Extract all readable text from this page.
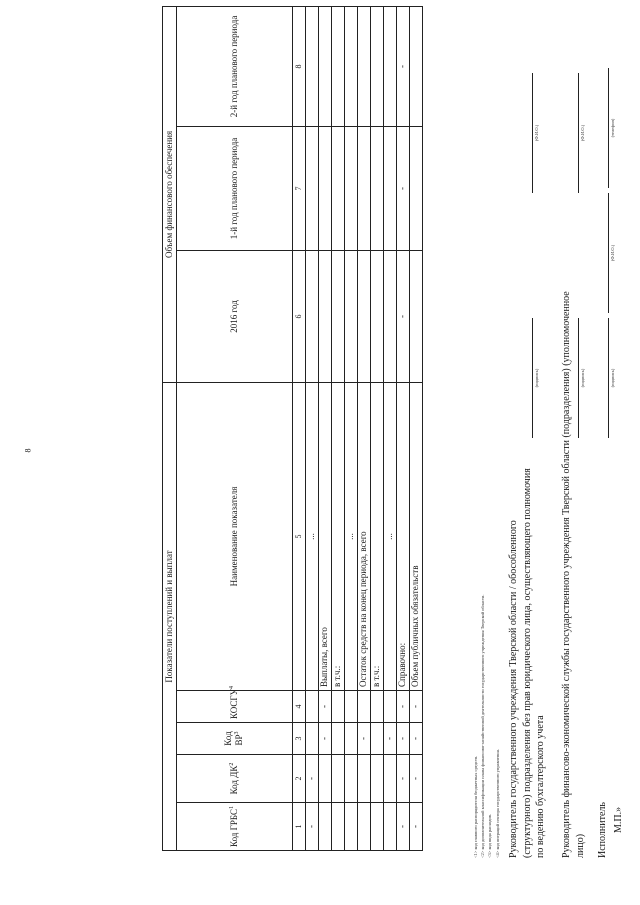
8
Показатели поступлений и выплат					Объем финансового обеспечения		
Код ГРБС$^1$	Код $ДК^2$	Код $ВР^3$	КОСГУ$^4$	Наименование показателя	2016 год	1-й год планового периода	2-й год планового периода
1	2	3	4	5	6	7	8
-	-			...			
		-	-	Выплаты, всего			
				в т.ч.:			
				...			
		-		Остаток средств на конец периода, всего			
				в т.ч.:			
		-		...			
-	-	-	-	Справочно:	-	-	-
-	-	-	-	Объем публичных обязательств			
<1> код главного распорядителя бюджетных средств. <2> код дополнительной классификации плана финансово-хозяйственной деятельности государственного учреждения Тверской области. <3> код вида расходов. <4> код операций сектора государственного управления. Руководитель государственного учреждения Тверской области / обособленного (структурного) подразделения без прав юридического лица, осуществляющего полномочия по ведению бухгалтерского учета
(подпись)
(Ф.И.О.)
Руководитель финансово-экономической службы государственного учреждения Тверской области (подразделения) (уполномоченное лицо)
(подпись)
(Ф.И.О.)
Исполнитель
(подпись)
(Ф.И.О.)
(телефон)
М.П.»
